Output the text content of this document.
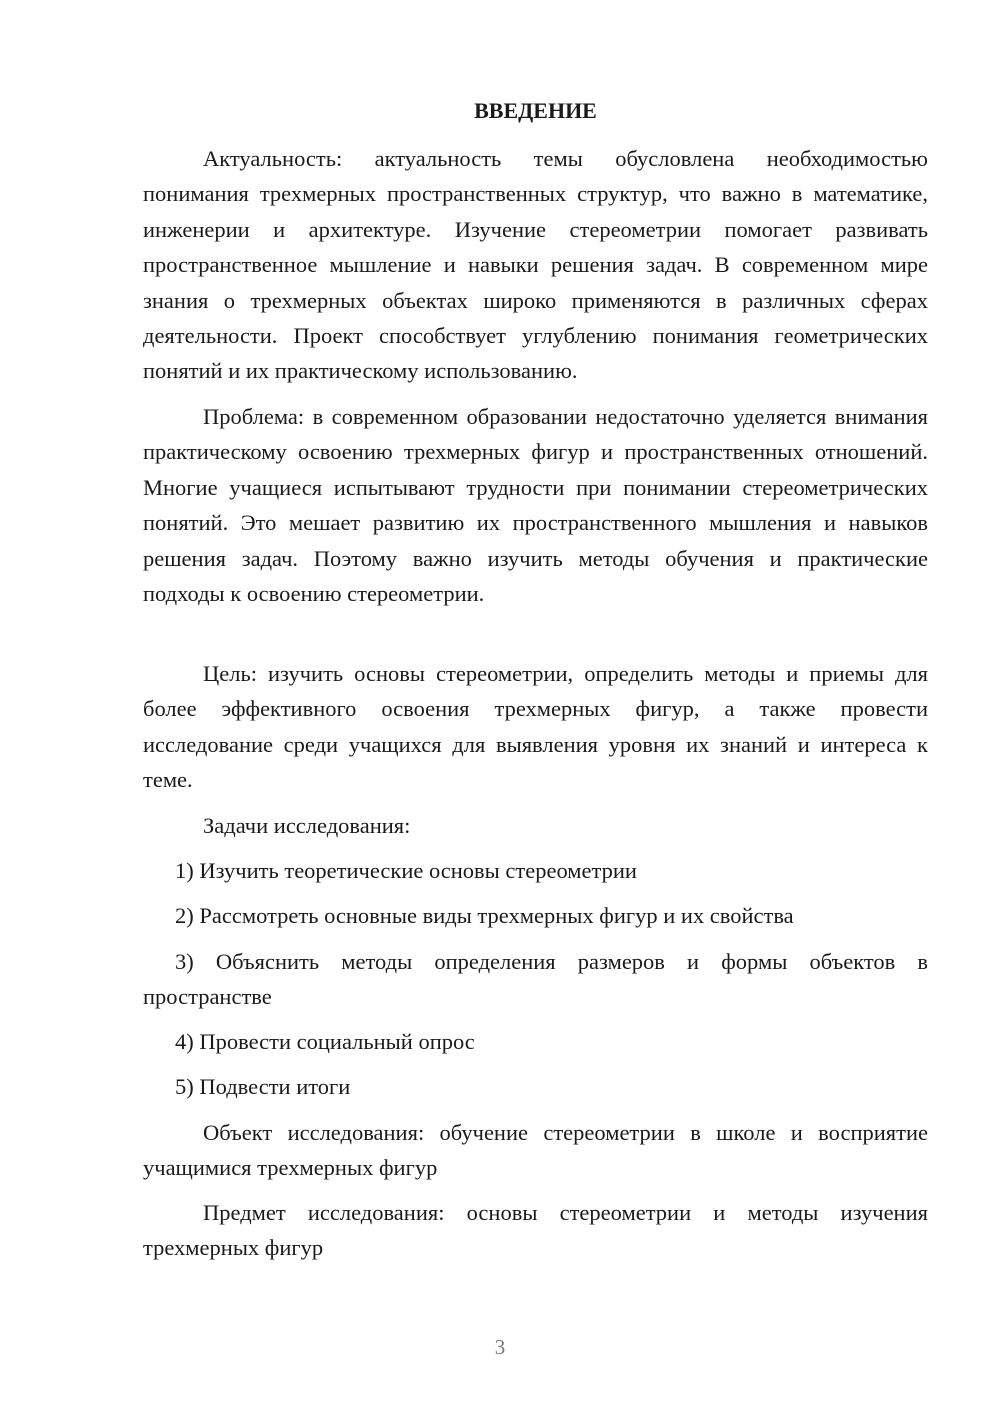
ВВЕДЕНИЕ

Актуальность: актуальность темы обусловлена необходимостью понимания трехмерных пространственных структур, что важно в математике, инженерии и архитектуре. Изучение стереометрии помогает развивать пространственное мышление и навыки решения задач. В современном мире знания о трехмерных объектах широко применяются в различных сферах деятельности. Проект способствует углублению понимания геометрических понятий и их практическому использованию.

Проблема: в современном образовании недостаточно уделяется внимания практическому освоению трехмерных фигур и пространственных отношений. Многие учащиеся испытывают трудности при понимании стереометрических понятий. Это мешает развитию их пространственного мышления и навыков решения задач. Поэтому важно изучить методы обучения и практические подходы к освоению стереометрии.

Цель: изучить основы стереометрии, определить методы и приемы для более эффективного освоения трехмерных фигур, а также провести исследование среди учащихся для выявления уровня их знаний и интереса к теме.

Задачи исследования:

1) Изучить теоретические основы стереометрии

2) Рассмотреть основные виды трехмерных фигур и их свойства

3) Объяснить методы определения размеров и формы объектов в пространстве

4) Провести социальный опрос

5) Подвести итоги

Объект исследования: обучение стереометрии в школе и восприятие учащимися трехмерных фигур

Предмет исследования: основы стереометрии и методы изучения трехмерных фигур

3
